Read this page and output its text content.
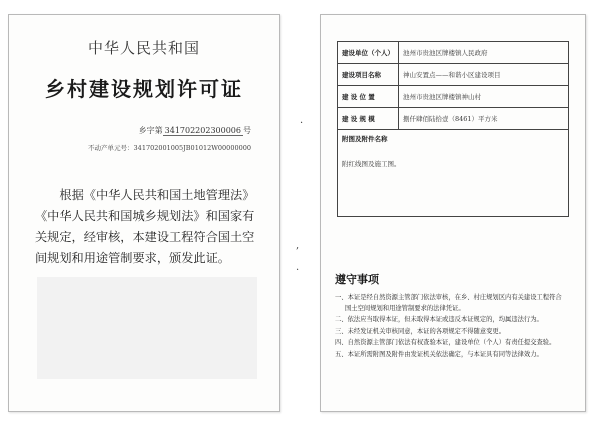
中华人民共和国
乡村建设规划许可证
乡字第 341702202300006 号
不动产单元号：341702001005JB01012W00000000
根据《中华人民共和国土地管理法》《中华人民共和国城乡规划法》和国家有关规定，经审核，本建设工程符合国土空间规划和用途管制要求，颁发此证。
,
.
·
建设单位（个人）	池州市贵池区牌楼镇人民政府
建设项目名称	神山安置点——和谐小区建设项目
建 设 位 置	池州市贵池区牌楼镇神山村
建 设 规 模	捌仟肆佰陆拾壹（8461）平方米

附图及附件名称
附红线图及施工图。	
遵守事项
一、本证是经自然资源主管部门依法审核，在乡、村庄规划区内有关建设工程符合国土空间规划和用途管制要求的法律凭证。
二、依法应当取得本证，但未取得本证或违反本证规定的，均属违法行为。
三、未经发证机关审核同意，本证的各项规定不得随意变更。
四、自然资源主管部门依法有权查验本证，建设单位（个人）有责任提交查验。
五、本证所需附图及附件由发证机关依法确定，与本证具有同等法律效力。
